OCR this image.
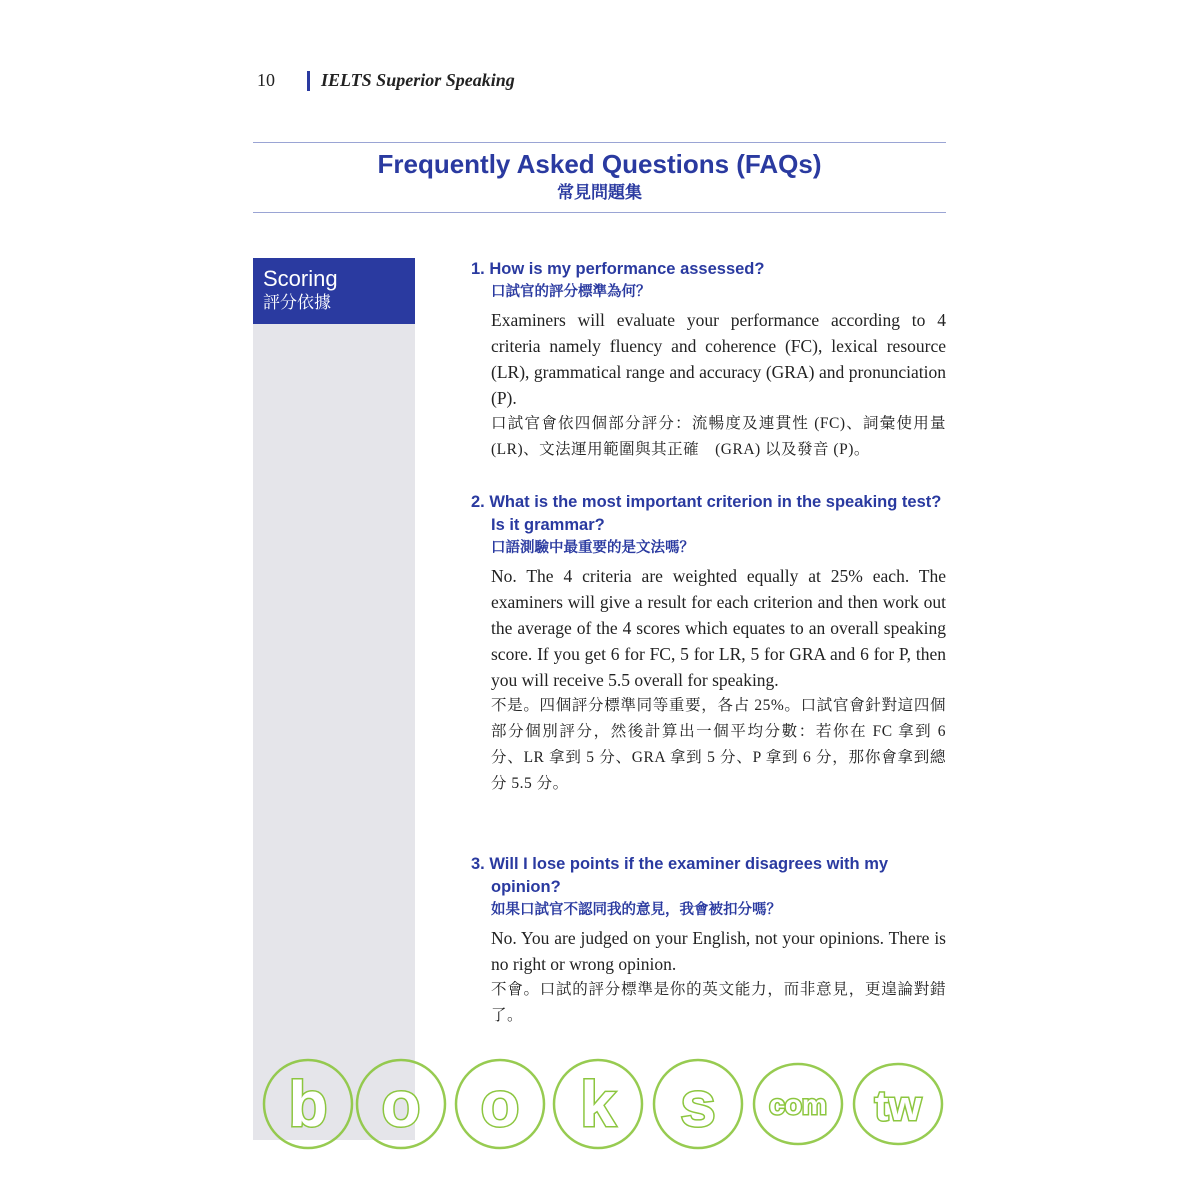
10	IELTS Superior Speaking
Frequently Asked Questions (FAQs)
常見問題集
Scoring
評分依據
1. How is my performance assessed?
口試官的評分標準為何？
Examiners will evaluate your performance according to 4 criteria namely fluency and coherence (FC), lexical resource (LR), grammatical range and accuracy (GRA) and pronunciation (P).
口試官會依四個部分評分：流暢度及連貫性 (FC)、詞彙使用量 (LR)、文法運用範圍與其正確　(GRA) 以及發音 (P)。
2. What is the most important criterion in the speaking test? Is it grammar?
口語測驗中最重要的是文法嗎？
No. The 4 criteria are weighted equally at 25% each. The examiners will give a result for each criterion and then work out the average of the 4 scores which equates to an overall speaking score. If you get 6 for FC, 5 for LR, 5 for GRA and 6 for P, then you will receive 5.5 overall for speaking.
不是。四個評分標準同等重要，各占 25%。口試官會針對這四個部分個別評分，然後計算出一個平均分數：若你在 FC 拿到 6 分、LR 拿到 5 分、GRA 拿到 5 分、P 拿到 6 分，那你會拿到總分 5.5 分。
3. Will I lose points if the examiner disagrees with my opinion?
如果口試官不認同我的意見，我會被扣分嗎？
No. You are judged on your English, not your opinions. There is no right or wrong opinion.
不會。口試的評分標準是你的英文能力，而非意見，更遑論對錯了。
b o o k s com tw
